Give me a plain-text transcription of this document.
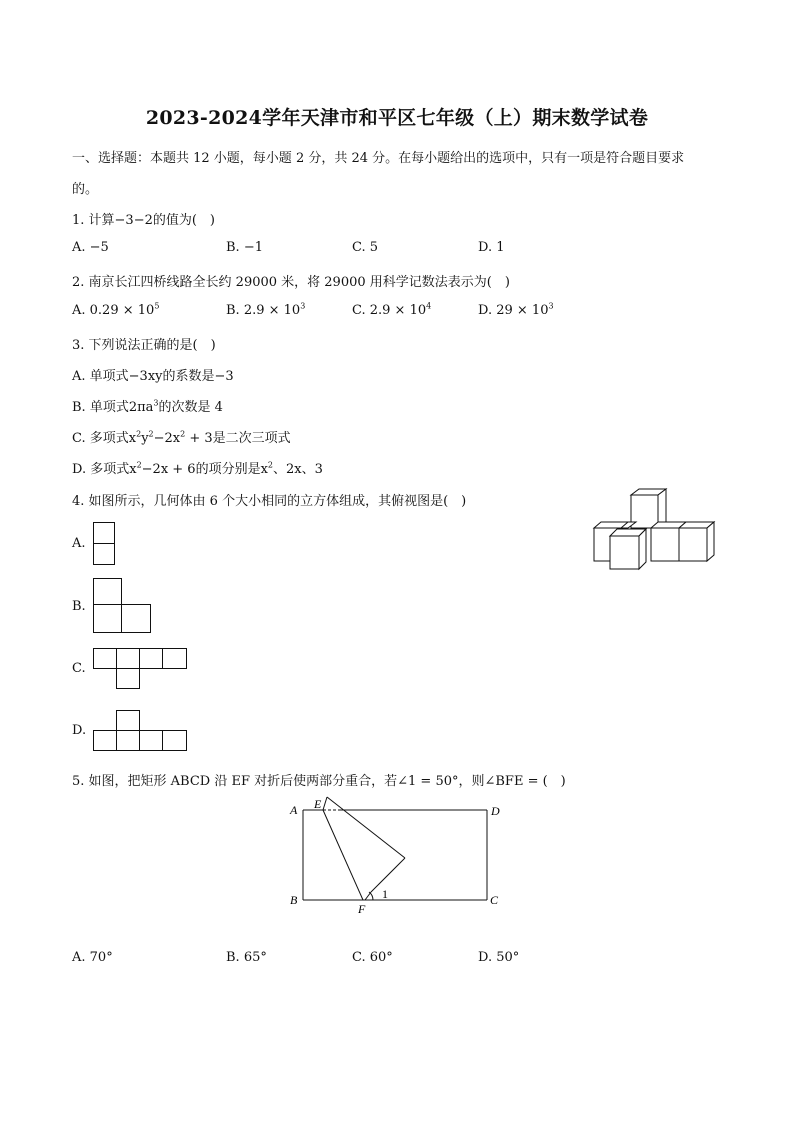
2023-2024学年天津市和平区七年级（上）期末数学试卷
一、选择题：本题共 12 小题，每小题 2 分，共 24 分。在每小题给出的选项中，只有一项是符合题目要求
的。
1. 计算−3−2的值为(　)
A. −5	B. −1	C. 5	D. 1
2. 南京长江四桥线路全长约 29000 米，将 29000 用科学记数法表示为(　)
A. $0.29 \times 10^5$	B. $2.9 \times 10^3$	C. $2.9 \times 10^4$	D. $29 \times 10^3$
3. 下列说法正确的是(　)
A. 单项式−3xy的系数是−3
B. 单项式$2\pi a^3$的次数是 4
C. 多项式$x^2y^2-2x^2 + 3$是二次三项式
D. 多项式$x^2-2x + 6$的项分别是$x^2$、2x、3
4. 如图所示，几何体由 6 个大小相同的立方体组成，其俯视图是(　)
A.
B.
C.
D.
5. 如图，把矩形 ABCD 沿 EF 对折后使两部分重合，若∠1 = 50°，则∠BFE = (　)
A E	D
B
F
C
1
A. 70°	B. 65°	C. 60°	D. 50°
